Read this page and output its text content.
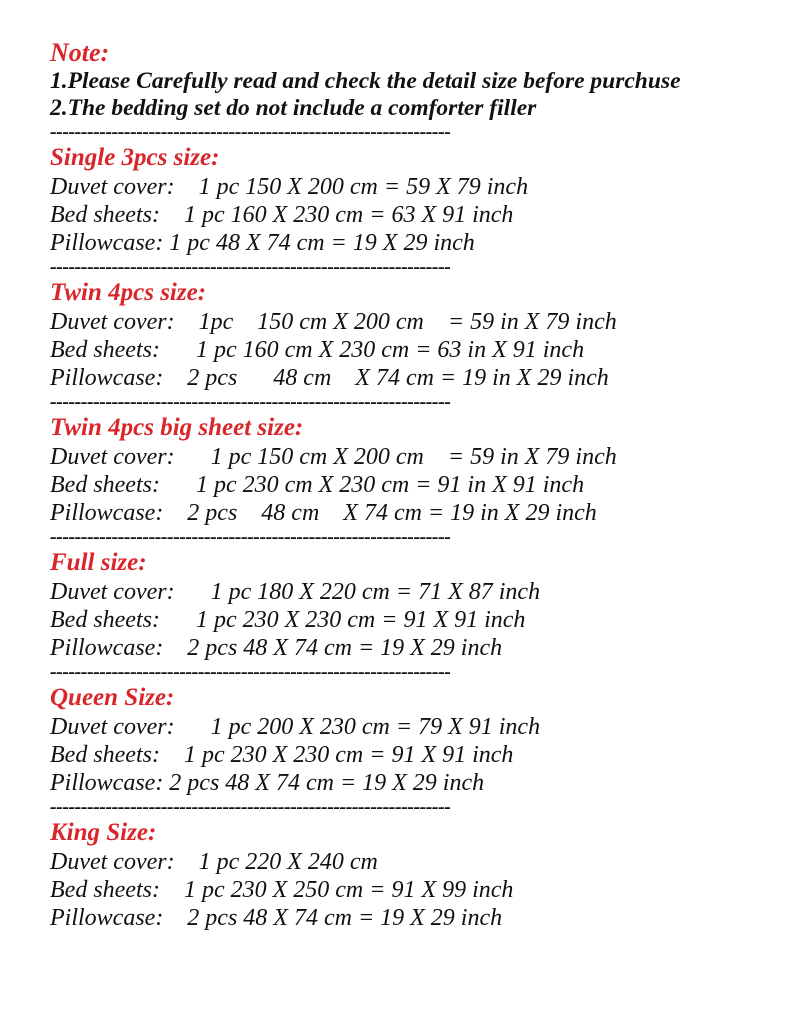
Note:
1.Please Carefully read and check the detail size before purchuse
2.The bedding set do not include a comforter filler
-----------------------------------------------------------------
Single 3pcs size:
Duvet cover:    1 pc 150 X 200 cm = 59 X 79 inch
Bed sheets:    1 pc 160 X 230 cm = 63 X 91 inch
Pillowcase: 1 pc 48 X 74 cm = 19 X 29 inch
-----------------------------------------------------------------
Twin 4pcs size:
Duvet cover:    1pc    150 cm X 200 cm    = 59 in X 79 inch
Bed sheets:      1 pc 160 cm X 230 cm = 63 in X 91 inch
Pillowcase:    2 pcs      48 cm    X 74 cm = 19 in X 29 inch
-----------------------------------------------------------------
Twin 4pcs big sheet size:
Duvet cover:      1 pc 150 cm X 200 cm    = 59 in X 79 inch
Bed sheets:      1 pc 230 cm X 230 cm = 91 in X 91 inch
Pillowcase:    2 pcs    48 cm    X 74 cm = 19 in X 29 inch
-----------------------------------------------------------------
Full size:
Duvet cover:      1 pc 180 X 220 cm = 71 X 87 inch
Bed sheets:      1 pc 230 X 230 cm = 91 X 91 inch
Pillowcase:    2 pcs 48 X 74 cm = 19 X 29 inch
-----------------------------------------------------------------
Queen Size:
Duvet cover:      1 pc 200 X 230 cm = 79 X 91 inch
Bed sheets:    1 pc 230 X 230 cm = 91 X 91 inch
Pillowcase: 2 pcs 48 X 74 cm = 19 X 29 inch
-----------------------------------------------------------------
King Size:
Duvet cover:    1 pc 220 X 240 cm
Bed sheets:    1 pc 230 X 250 cm = 91 X 99 inch
Pillowcase:    2 pcs 48 X 74 cm = 19 X 29 inch
